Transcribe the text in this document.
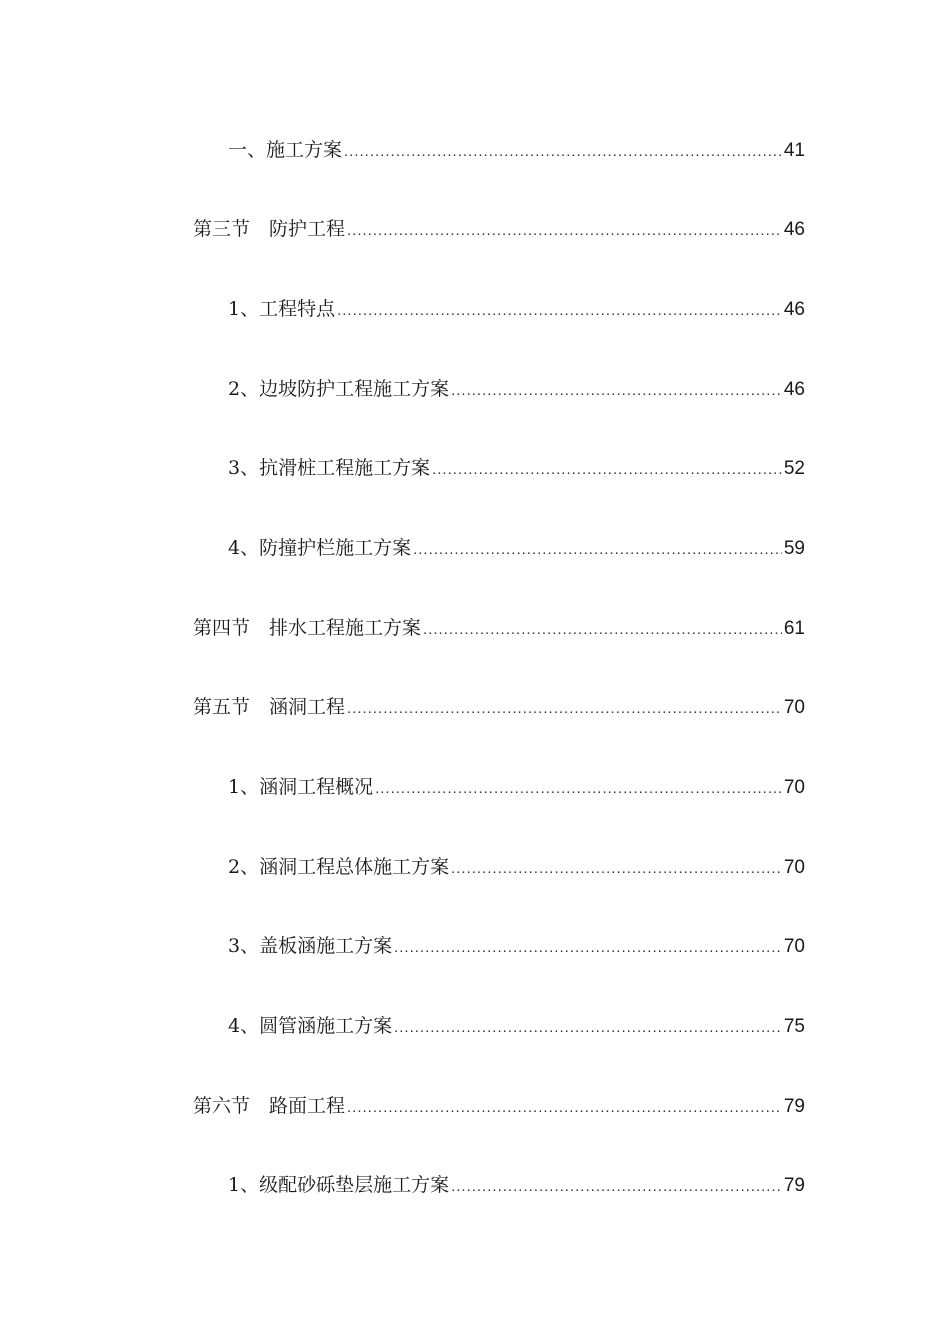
一、施工方案 .....	41
第三节　防护工程 .....	46
1、工程特点 .....	46
2、边坡防护工程施工方案 .....	46
3、抗滑桩工程施工方案 .....	52
4、防撞护栏施工方案 .....	59
第四节　排水工程施工方案 .....	61
第五节　涵洞工程 .....	70
1、涵洞工程概况 .....	70
2、涵洞工程总体施工方案 .....	70
3、盖板涵施工方案 .....	70
4、圆管涵施工方案 .....	75
第六节　路面工程 .....	79
1、级配砂砾垫层施工方案 .....	79
